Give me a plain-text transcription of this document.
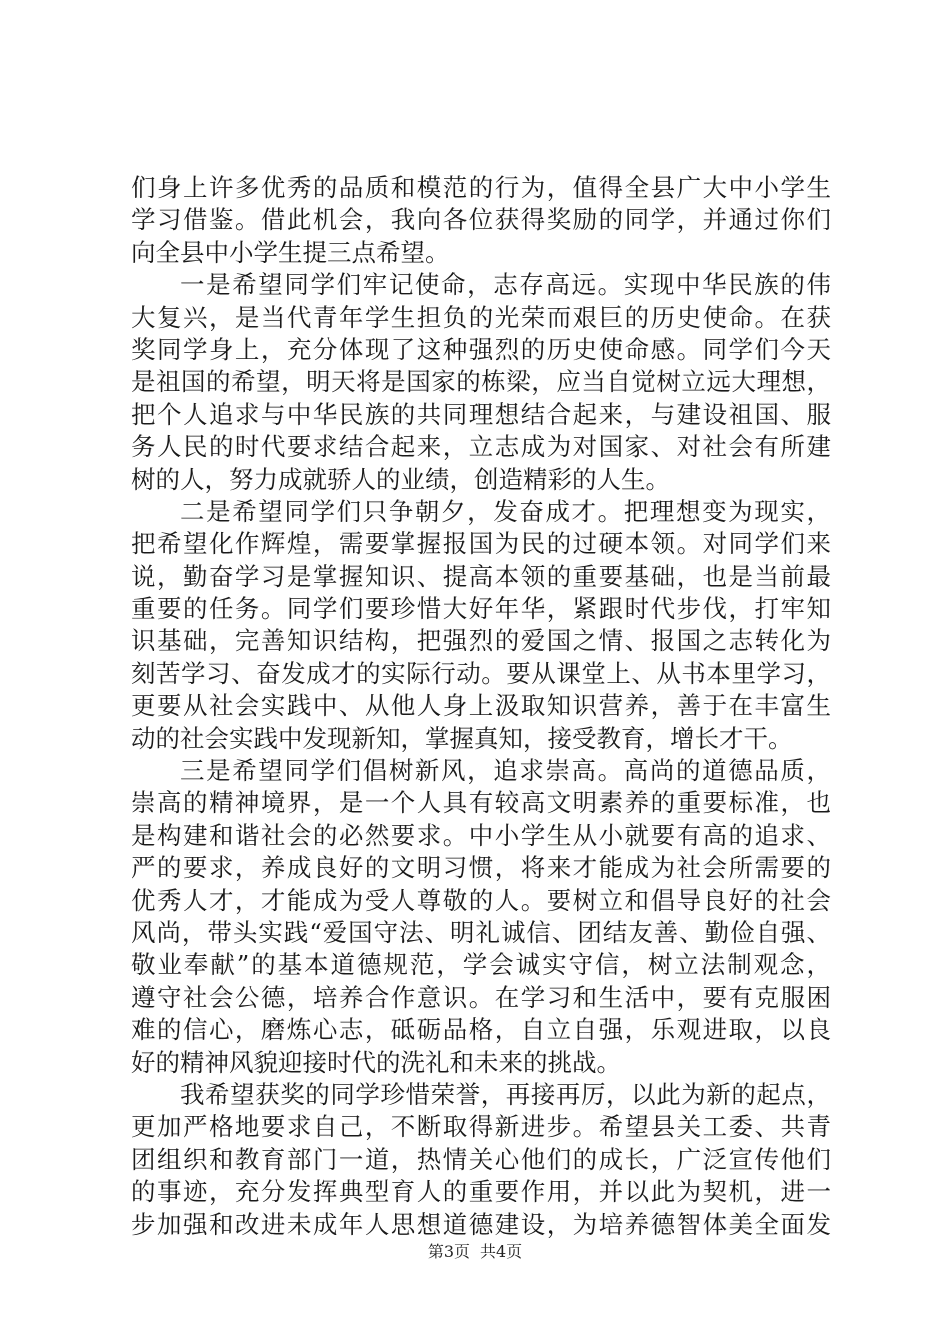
们身上许多优秀的品质和模范的行为，值得全县广大中小学生
学习借鉴。借此机会，我向各位获得奖励的同学，并通过你们
向全县中小学生提三点希望。
一是希望同学们牢记使命，志存高远。实现中华民族的伟
大复兴，是当代青年学生担负的光荣而艰巨的历史使命。在获
奖同学身上，充分体现了这种强烈的历史使命感。同学们今天
是祖国的希望，明天将是国家的栋梁，应当自觉树立远大理想，
把个人追求与中华民族的共同理想结合起来，与建设祖国、服
务人民的时代要求结合起来，立志成为对国家、对社会有所建
树的人，努力成就骄人的业绩，创造精彩的人生。
二是希望同学们只争朝夕，发奋成才。把理想变为现实，
把希望化作辉煌，需要掌握报国为民的过硬本领。对同学们来
说，勤奋学习是掌握知识、提高本领的重要基础，也是当前最
重要的任务。同学们要珍惜大好年华，紧跟时代步伐，打牢知
识基础，完善知识结构，把强烈的爱国之情、报国之志转化为
刻苦学习、奋发成才的实际行动。要从课堂上、从书本里学习，
更要从社会实践中、从他人身上汲取知识营养，善于在丰富生
动的社会实践中发现新知，掌握真知，接受教育，增长才干。
三是希望同学们倡树新风，追求崇高。高尚的道德品质，
崇高的精神境界，是一个人具有较高文明素养的重要标准，也
是构建和谐社会的必然要求。中小学生从小就要有高的追求、
严的要求，养成良好的文明习惯，将来才能成为社会所需要的
优秀人才，才能成为受人尊敬的人。要树立和倡导良好的社会
风尚，带头实践“爱国守法、明礼诚信、团结友善、勤俭自强、
敬业奉献”的基本道德规范，学会诚实守信，树立法制观念，
遵守社会公德，培养合作意识。在学习和生活中，要有克服困
难的信心，磨炼心志，砥砺品格，自立自强，乐观进取，以良
好的精神风貌迎接时代的洗礼和未来的挑战。
我希望获奖的同学珍惜荣誉，再接再厉，以此为新的起点，
更加严格地要求自己，不断取得新进步。希望县关工委、共青
团组织和教育部门一道，热情关心他们的成长，广泛宣传他们
的事迹，充分发挥典型育人的重要作用，并以此为契机，进一
步加强和改进未成年人思想道德建设，为培养德智体美全面发
第3页 共4页
